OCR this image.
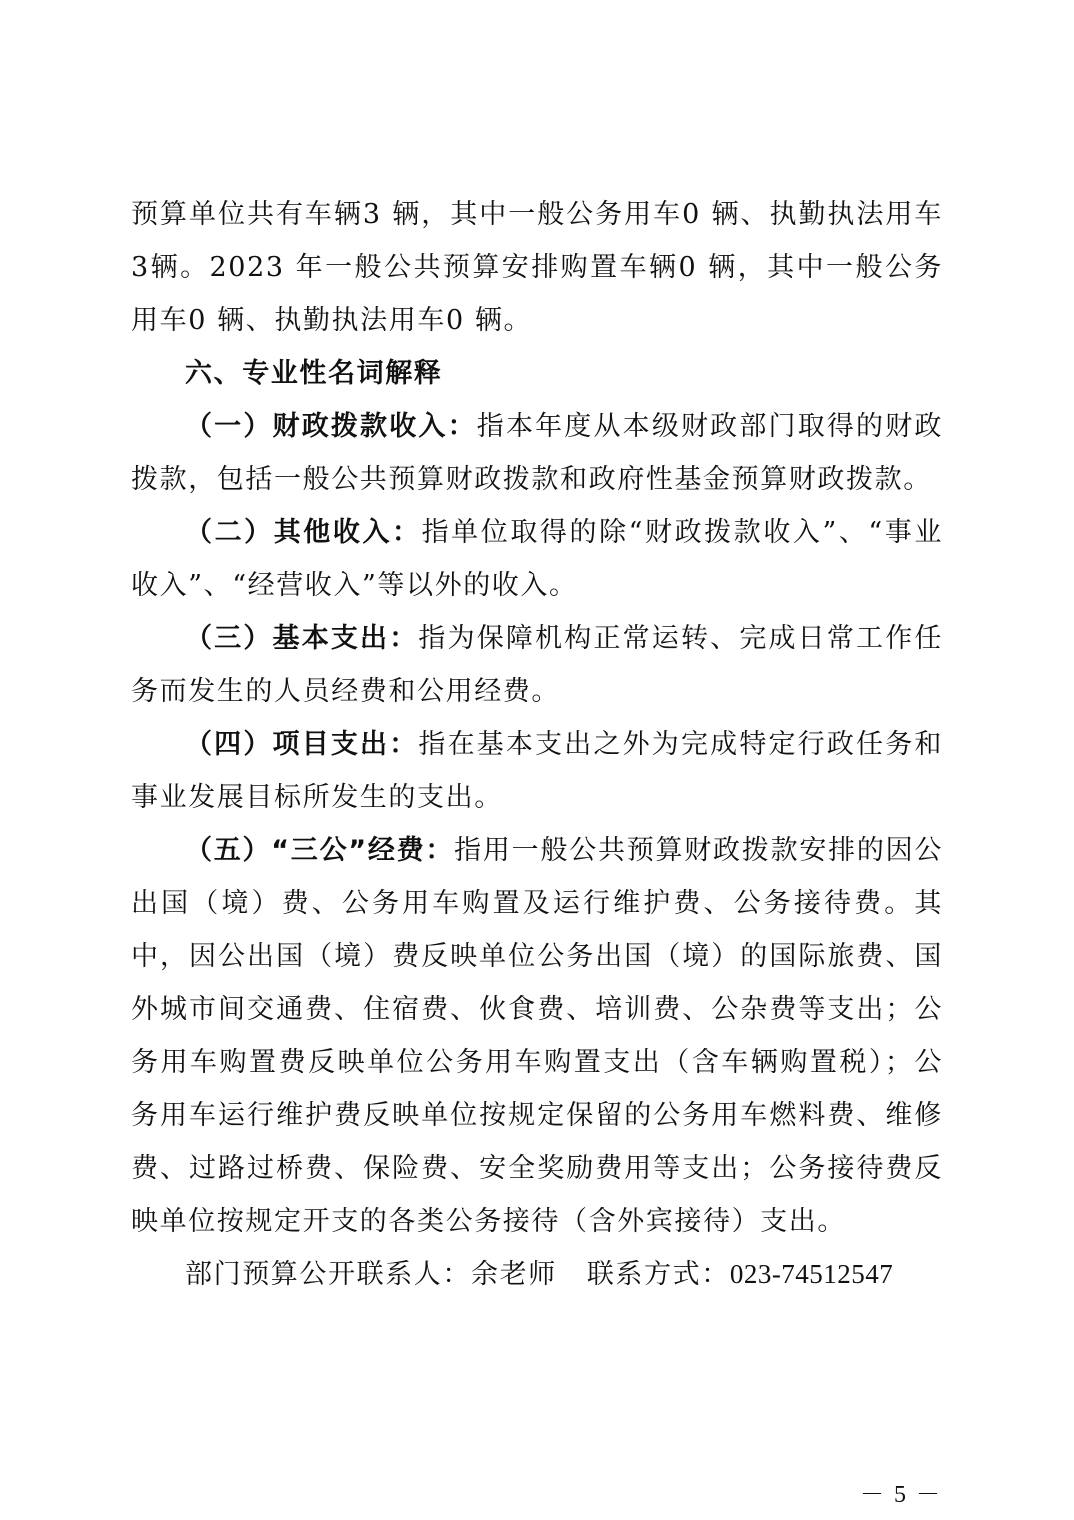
预算单位共有车辆3 辆，其中一般公务用车0 辆、执勤执法用车3辆。2023 年一般公共预算安排购置车辆0 辆，其中一般公务用车0 辆、执勤执法用车0 辆。

六、专业性名词解释

（一）财政拨款收入：指本年度从本级财政部门取得的财政拨款，包括一般公共预算财政拨款和政府性基金预算财政拨款。

（二）其他收入：指单位取得的除“财政拨款收入”、“事业收入”、“经营收入”等以外的收入。

（三）基本支出：指为保障机构正常运转、完成日常工作任务而发生的人员经费和公用经费。

（四）项目支出：指在基本支出之外为完成特定行政任务和事业发展目标所发生的支出。

（五）“三公”经费：指用一般公共预算财政拨款安排的因公出国（境）费、公务用车购置及运行维护费、公务接待费。其中，因公出国（境）费反映单位公务出国（境）的国际旅费、国外城市间交通费、住宿费、伙食费、培训费、公杂费等支出；公务用车购置费反映单位公务用车购置支出（含车辆购置税）；公务用车运行维护费反映单位按规定保留的公务用车燃料费、维修费、过路过桥费、保险费、安全奖励费用等支出；公务接待费反映单位按规定开支的各类公务接待（含外宾接待）支出。

部门预算公开联系人：余老师 联系方式：023-74512547

－ 5 －
